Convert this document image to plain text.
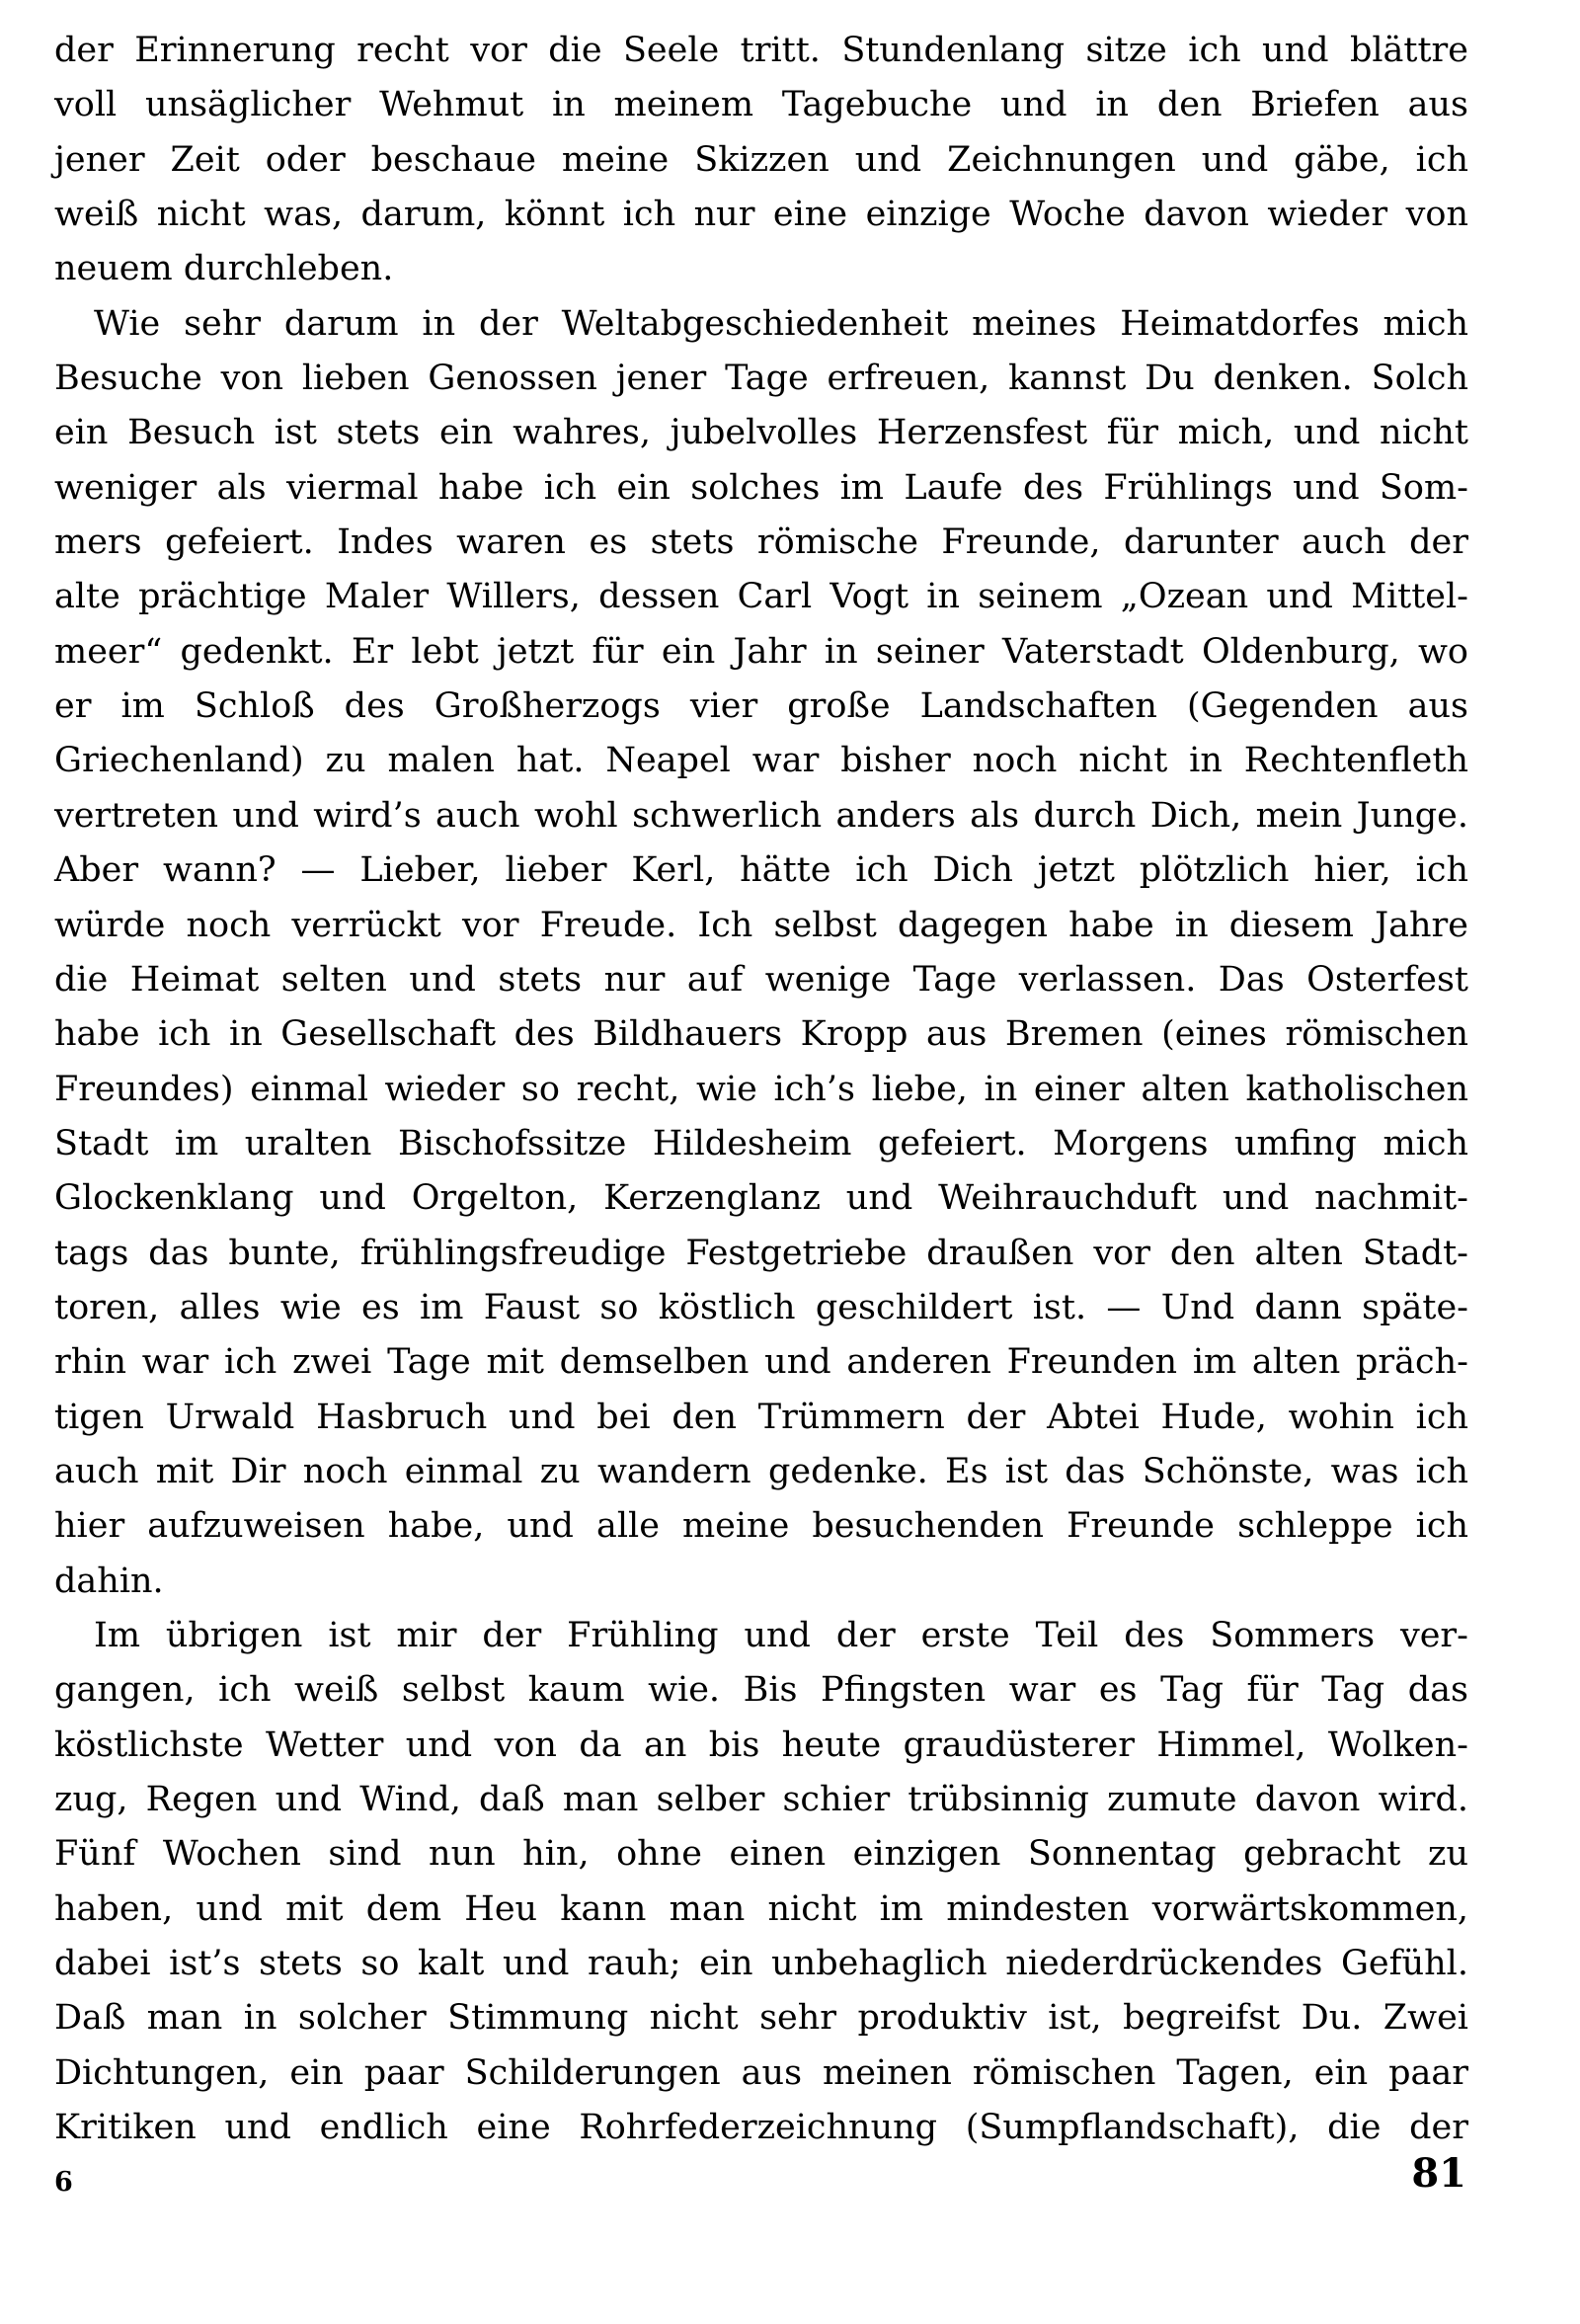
der Erinnerung recht vor die Seele tritt. Stundenlang sitze ich und blättre
voll unsäglicher Wehmut in meinem Tagebuche und in den Briefen aus
jener Zeit oder beschaue meine Skizzen und Zeichnungen und gäbe, ich
weiß nicht was, darum, könnt ich nur eine einzige Woche davon wieder von
neuem durchleben.
Wie sehr darum in der Weltabgeschiedenheit meines Heimatdorfes mich
Besuche von lieben Genossen jener Tage erfreuen, kannst Du denken. Solch
ein Besuch ist stets ein wahres, jubelvolles Herzensfest für mich, und nicht
weniger als viermal habe ich ein solches im Laufe des Frühlings und Som-
mers gefeiert. Indes waren es stets römische Freunde, darunter auch der
alte prächtige Maler Willers, dessen Carl Vogt in seinem „Ozean und Mittel-
meer“ gedenkt. Er lebt jetzt für ein Jahr in seiner Vaterstadt Oldenburg, wo
er im Schloß des Großherzogs vier große Landschaften (Gegenden aus
Griechenland) zu malen hat. Neapel war bisher noch nicht in Rechtenfleth
vertreten und wird’s auch wohl schwerlich anders als durch Dich, mein Junge.
Aber wann? — Lieber, lieber Kerl, hätte ich Dich jetzt plötzlich hier, ich
würde noch verrückt vor Freude. Ich selbst dagegen habe in diesem Jahre
die Heimat selten und stets nur auf wenige Tage verlassen. Das Osterfest
habe ich in Gesellschaft des Bildhauers Kropp aus Bremen (eines römischen
Freundes) einmal wieder so recht, wie ich’s liebe, in einer alten katholischen
Stadt im uralten Bischofssitze Hildesheim gefeiert. Morgens umfing mich
Glockenklang und Orgelton, Kerzenglanz und Weihrauchduft und nachmit-
tags das bunte, frühlingsfreudige Festgetriebe draußen vor den alten Stadt-
toren, alles wie es im Faust so köstlich geschildert ist. — Und dann späte-
rhin war ich zwei Tage mit demselben und anderen Freunden im alten präch-
tigen Urwald Hasbruch und bei den Trümmern der Abtei Hude, wohin ich
auch mit Dir noch einmal zu wandern gedenke. Es ist das Schönste, was ich
hier aufzuweisen habe, und alle meine besuchenden Freunde schleppe ich
dahin.
Im übrigen ist mir der Frühling und der erste Teil des Sommers ver-
gangen, ich weiß selbst kaum wie. Bis Pfingsten war es Tag für Tag das
köstlichste Wetter und von da an bis heute graudüsterer Himmel, Wolken-
zug, Regen und Wind, daß man selber schier trübsinnig zumute davon wird.
Fünf Wochen sind nun hin, ohne einen einzigen Sonnentag gebracht zu
haben, und mit dem Heu kann man nicht im mindesten vorwärtskommen,
dabei ist’s stets so kalt und rauh; ein unbehaglich niederdrückendes Gefühl.
Daß man in solcher Stimmung nicht sehr produktiv ist, begreifst Du. Zwei
Dichtungen, ein paar Schilderungen aus meinen römischen Tagen, ein paar
Kritiken und endlich eine Rohrfederzeichnung (Sumpflandschaft), die der
6	81
